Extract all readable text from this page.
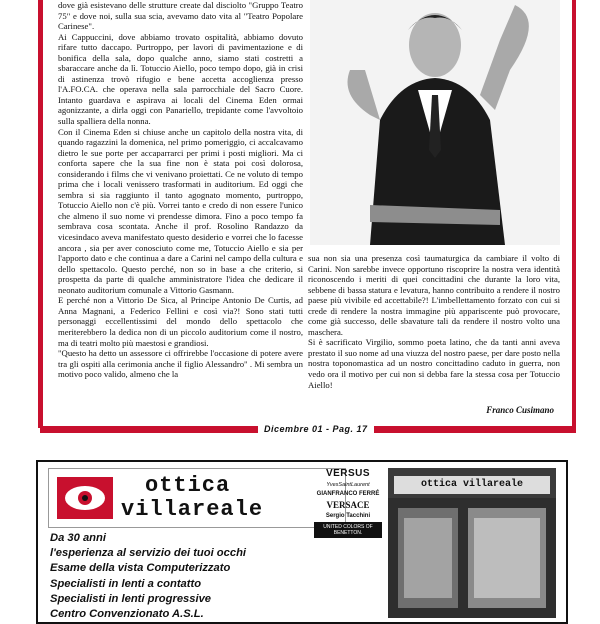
dove già esistevano delle strutture create dal disciolto "Gruppo Teatro 75" e dove noi, sulla sua scia, avevamo dato vita al "Teatro Popolare Carinese".

Ai Cappuccini, dove abbiamo trovato ospitalità, abbiamo dovuto rifare tutto daccapo. Purtroppo, per lavori di pavimentazione e di bonifica della sala, dopo qualche anno, siamo stati costretti a sbaraccare anche da lì. Totuccio Aiello, poco tempo dopo, già in crisi di astinenza trovò rifugio e bene accetta accoglienza presso l'A.FO.CA. che operava nella sala parrocchiale del Sacro Cuore. Intanto guardava e aspirava ai locali del Cinema Eden ormai agonizzante, a dirla oggi con Panariello, trepidante come l'avvoltoio sulla spalliera della nonna.

Con il Cinema Eden si chiuse anche un capitolo della nostra vita, di quando ragazzini la domenica, nel primo pomeriggio, ci accalcavamo dietro le sue porte per accaparrarci per primi i posti migliori. Ma ci conforta sapere che la sua fine non è stata poi così dolorosa, considerando i films che vi venivano proiettati. Ce ne voluto di tempo prima che i locali venissero trasformati in auditorium. Ed oggi che sembra si sia raggiunto il tanto agognato momento, purtroppo, Totuccio Aiello non c'è più. Vorrei tanto e credo di non essere l'unico che almeno il suo nome vi prendesse dimora. Fino a poco tempo fa sembrava cosa scontata. Anche il prof. Rosolino Randazzo da vicesindaco aveva manifestato questo desiderio e vorrei che lo facesse ancora , sia per aver conosciuto come me, Totuccio Aiello e sia per l'apporto dato e che continua a dare a Carini nel campo della cultura e dello spettacolo. Questo perché, non so in base a che criterio, si prospetta da parte di qualche amministratore l'idea che dedicare il neonato auditorium comunale a Vittorio Gasmann.

E perché non a Vittorio De Sica, al Principe Antonio De Curtis, ad Anna Magnani, a Federico Fellini e così via?! Sono stati tutti personaggi eccellentissimi del mondo dello spettacolo che meriterebbero la dedica non di un piccolo auditorium come il nostro, ma di teatri molto più maestosi e grandiosi.

"Questo ha detto un assessore ci offrirebbe l'occasione di potere avere tra gli ospiti alla cerimonia anche il figlio Alessandro" . Mi sembra un motivo poco valido, almeno che la

sua non sia una presenza così taumaturgica da cambiare il volto di Carini. Non sarebbe invece opportuno riscoprire la nostra vera identità riconoscendo i meriti di quei concittadini che durante la loro vita, sebbene di bassa statura e levatura, hanno contribuito a rendere il nostro paese più vivibile ed accettabile?! L'imbellettamento forzato con cui si crede di rendere la nostra immagine più appariscente può provocare, come già successo, delle sbavature tali da rendere il nostro volto una maschera.

Si è sacrificato Virgilio, sommo poeta latino, che da tanti anni aveva prestato il suo nome ad una viuzza del nostro paese, per dare posto nella nostra toponomastica ad un nostro concittadino caduto in guerra, non vedo ora il motivo per cui non si debba fare la stessa cosa per Totuccio Aiello!

Franco Cusimano
Dicembre 01 - Pag. 17
ottica
villareale
Da 30 anni
l'esperienza al servizio dei tuoi occhi
Esame della vista Computerizzato
Specialisti in lenti a contatto
Specialisti in lenti progressive
Centro Convenzionato A.S.L.
VERSUS
YvesSaintLaurent
GIANFRANCO FERRÉ
VERSACE
Sergio Tacchini
UNITED COLORS OF BENETTON.
ottica villareale
